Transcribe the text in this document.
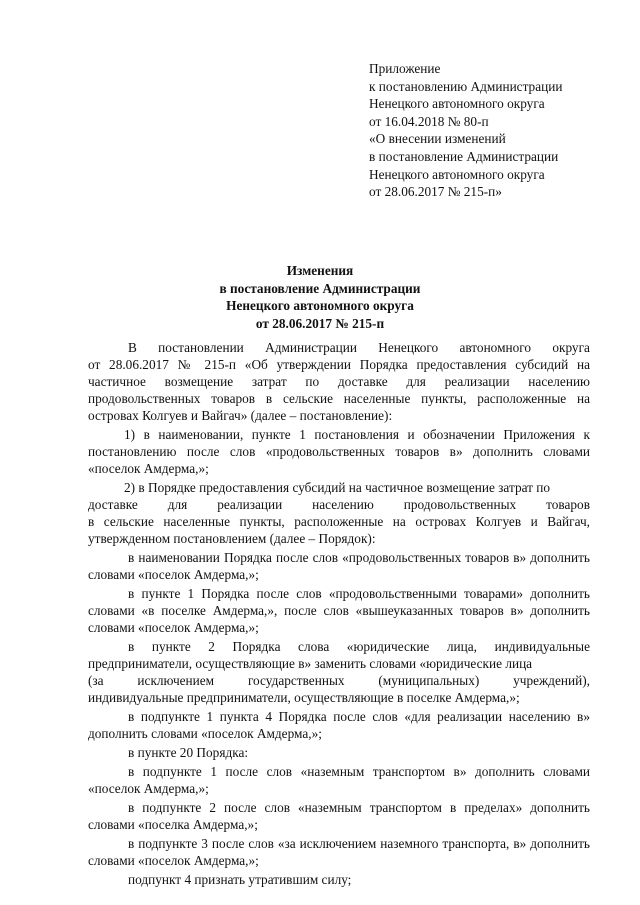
Приложение
к постановлению Администрации
Ненецкого автономного округа
от 16.04.2018 № 80-п
«О внесении изменений
в постановление Администрации
Ненецкого автономного округа
от 28.06.2017 № 215-п»
Изменения
в постановление Администрации
Ненецкого автономного округа
от 28.06.2017 № 215-п
В постановлении Администрации Ненецкого автономного округа
от 28.06.2017 № 215-п «Об утверждении Порядка предоставления субсидий на частичное возмещение затрат по доставке для реализации населению продовольственных товаров в сельские населенные пункты, расположенные на островах Колгуев и Вайгач» (далее – постановление):
1) в наименовании, пункте 1 постановления и обозначении Приложения к постановлению после слов «продовольственных товаров в» дополнить словами «поселок Амдерма,»;
2) в Порядке предоставления субсидий на частичное возмещение затрат по
доставке для реализации населению продовольственных товаров
в сельские населенные пункты, расположенные на островах Колгуев и Вайгач, утвержденном постановлением (далее – Порядок):
в наименовании Порядка после слов «продовольственных товаров в» дополнить словами «поселок Амдерма,»;
в пункте 1 Порядка после слов «продовольственными товарами» дополнить словами «в поселке Амдерма,», после слов «вышеуказанных товаров в» дополнить словами «поселок Амдерма,»;
в пункте 2 Порядка слова «юридические лица, индивидуальные предприниматели, осуществляющие в» заменить словами «юридические лица
(за	исключением	государственных	(муниципальных)	учреждений),
индивидуальные предприниматели, осуществляющие в поселке Амдерма,»;
в подпункте 1 пункта 4 Порядка после слов «для реализации населению в» дополнить словами «поселок Амдерма,»;
в пункте 20 Порядка:
в подпункте 1 после слов «наземным транспортом в» дополнить словами «поселок Амдерма,»;
в подпункте 2 после слов «наземным транспортом в пределах» дополнить словами «поселка Амдерма,»;
в подпункте 3 после слов «за исключением наземного транспорта, в» дополнить словами «поселок Амдерма,»;
подпункт 4 признать утратившим силу;
